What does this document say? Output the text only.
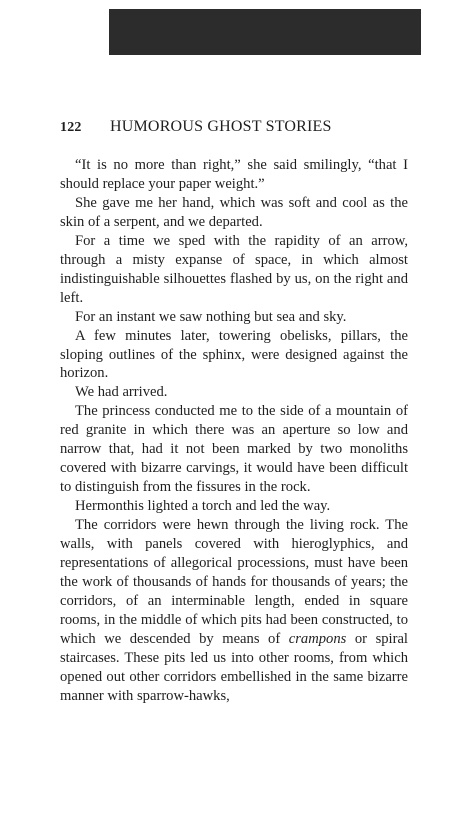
122 HUMOROUS GHOST STORIES

“It is no more than right,” she said smilingly, “that I should replace your paper weight.”

She gave me her hand, which was soft and cool as the skin of a serpent, and we departed.

For a time we sped with the rapidity of an arrow, through a misty expanse of space, in which almost indistinguishable silhouettes flashed by us, on the right and left.

For an instant we saw nothing but sea and sky.

A few minutes later, towering obelisks, pillars, the sloping outlines of the sphinx, were designed against the horizon.

We had arrived.

The princess conducted me to the side of a mountain of red granite in which there was an aperture so low and narrow that, had it not been marked by two monoliths covered with bizarre carvings, it would have been difficult to distinguish from the fissures in the rock.

Hermonthis lighted a torch and led the way.

The corridors were hewn through the living rock. The walls, with panels covered with hieroglyphics, and representations of allegorical processions, must have been the work of thousands of hands for thousands of years; the corridors, of an interminable length, ended in square rooms, in the middle of which pits had been constructed, to which we descended by means of crampons or spiral staircases. These pits led us into other rooms, from which opened out other corridors embellished in the same bizarre manner with sparrow-hawks,
